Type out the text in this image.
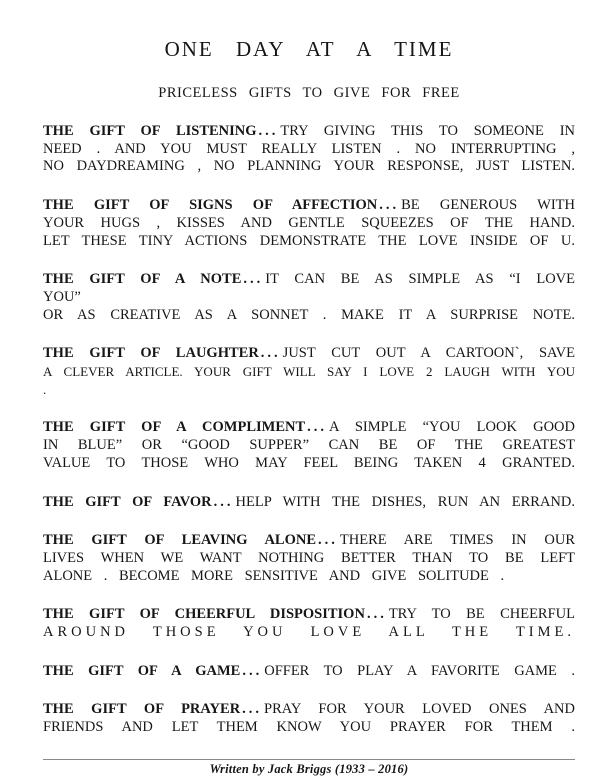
ONE DAY AT A TIME
PRICELESS GIFTS TO GIVE FOR FREE

THE GIFT OF LISTENING ... TRY GIVING THIS TO SOMEONE IN
NEED . AND YOU MUST REALLY LISTEN . NO INTERRUPTING ,
NO DAYDREAMING , NO PLANNING YOUR RESPONSE, JUST LISTEN.

THE GIFT OF SIGNS OF AFFECTION ... BE GENEROUS WITH
YOUR HUGS , KISSES AND GENTLE SQUEEZES OF THE HAND.
LET THESE TINY ACTIONS DEMONSTRATE THE LOVE INSIDE OF U.

THE GIFT OF A NOTE ... IT CAN BE AS SIMPLE AS “I LOVE YOU”
OR AS CREATIVE AS A SONNET . MAKE IT A SURPRISE NOTE.

THE GIFT OF LAUGHTER ... JUST CUT OUT A CARTOON`, SAVE
A CLEVER ARTICLE. YOUR GIFT WILL SAY I LOVE 2 LAUGH WITH YOU .

THE GIFT OF A COMPLIMENT ... A SIMPLE “YOU LOOK GOOD
IN BLUE” OR “GOOD SUPPER” CAN BE OF THE GREATEST
VALUE TO THOSE WHO MAY FEEL BEING TAKEN 4 GRANTED.

THE GIFT OF FAVOR ... HELP WITH THE DISHES, RUN AN ERRAND.

THE GIFT OF LEAVING ALONE ... THERE ARE TIMES IN OUR
LIVES WHEN WE WANT NOTHING BETTER THAN TO BE LEFT
ALONE . BECOME MORE SENSITIVE AND GIVE SOLITUDE .

THE GIFT OF CHEERFUL DISPOSITION ... TRY TO BE CHEERFUL
AROUND THOSE YOU LOVE ALL THE TIME.

THE GIFT OF A GAME ... OFFER TO PLAY A FAVORITE GAME .

THE GIFT OF PRAYER ... PRAY FOR YOUR LOVED ONES AND
FRIENDS AND LET THEM KNOW YOU PRAYER FOR THEM .

Written by Jack Briggs (1933 – 2016)
